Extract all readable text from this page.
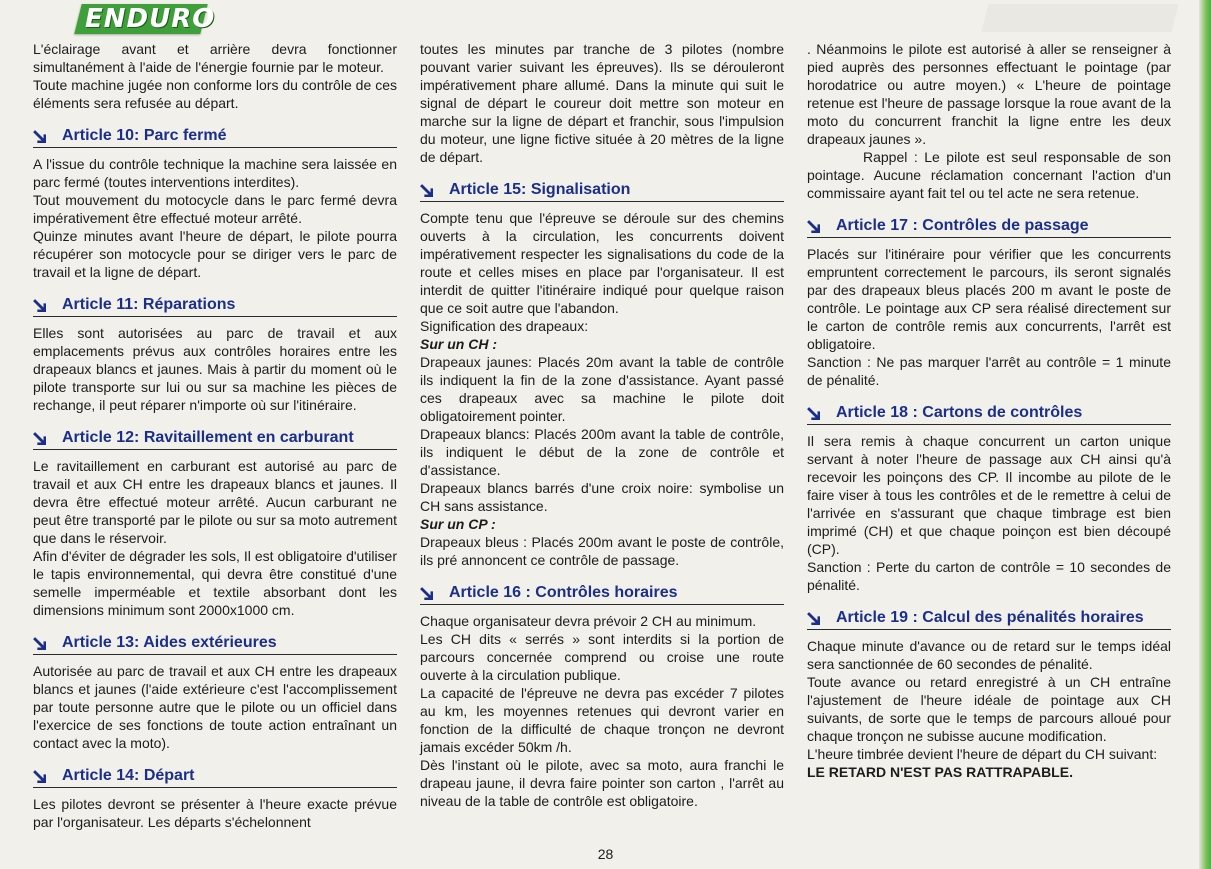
ENDURO

L'éclairage avant et arrière devra fonctionner simultanément à l'aide de l'énergie fournie par le moteur.

Toute machine jugée non conforme lors du contrôle de ces éléments sera refusée au départ.

Article 10: Parc fermé

A l'issue du contrôle technique la machine sera laissée en parc fermé (toutes interventions interdites).

Tout mouvement du motocycle dans le parc fermé devra impérativement être effectué moteur arrêté.

Quinze minutes avant l'heure de départ, le pilote pourra récupérer son motocycle pour se diriger vers le parc de travail et la ligne de départ.

Article 11: Réparations

Elles sont autorisées au parc de travail et aux emplacements prévus aux contrôles horaires entre les drapeaux blancs et jaunes. Mais à partir du moment où le pilote transporte sur lui ou sur sa machine les pièces de rechange, il peut réparer n'importe où sur l'itinéraire.

Article 12: Ravitaillement en carburant

Le ravitaillement en carburant est autorisé au parc de travail et aux CH entre les drapeaux blancs et jaunes. Il devra être effectué moteur arrêté. Aucun carburant ne peut être transporté par le pilote ou sur sa moto autrement que dans le réservoir.

Afin d'éviter de dégrader les sols, Il est obligatoire d'utiliser le tapis environnemental, qui devra être constitué d'une semelle imperméable et textile absorbant dont les dimensions minimum sont 2000x1000 cm.

Article 13: Aides extérieures

Autorisée au parc de travail et aux CH entre les drapeaux blancs et jaunes (l'aide extérieure c'est l'accomplissement par toute personne autre que le pilote ou un officiel dans l'exercice de ses fonctions de toute action entraînant un contact avec la moto).

Article 14: Départ

Les pilotes devront se présenter à l'heure exacte prévue par l'organisateur. Les départs s'échelonnent

toutes les minutes par tranche de 3 pilotes (nombre pouvant varier suivant les épreuves). Ils se dérouleront impérativement phare allumé. Dans la minute qui suit le signal de départ le coureur doit mettre son moteur en marche sur la ligne de départ et franchir, sous l'impulsion du moteur, une ligne fictive située à 20 mètres de la ligne de départ.

Article 15: Signalisation

Compte tenu que l'épreuve se déroule sur des chemins ouverts à la circulation, les concurrents doivent impérativement respecter les signalisations du code de la route et celles mises en place par l'organisateur. Il est interdit de quitter l'itinéraire indiqué pour quelque raison que ce soit autre que l'abandon.

Signification des drapeaux:

Sur un CH :

Drapeaux jaunes: Placés 20m avant la table de contrôle ils indiquent la fin de la zone d'assistance. Ayant passé ces drapeaux avec sa machine le pilote doit obligatoirement pointer.

Drapeaux blancs: Placés 200m avant la table de contrôle, ils indiquent le début de la zone de contrôle et d'assistance.

Drapeaux blancs barrés d'une croix noire: symbolise un CH sans assistance.

Sur un CP :

Drapeaux bleus : Placés 200m avant le poste de contrôle, ils pré annoncent ce contrôle de passage.

Article 16 : Contrôles horaires

Chaque organisateur devra prévoir 2 CH au minimum.

Les CH dits « serrés » sont interdits si la portion de parcours concernée comprend ou croise une route ouverte à la circulation publique.

La capacité de l'épreuve ne devra pas excéder 7 pilotes au km, les moyennes retenues qui devront varier en fonction de la difficulté de chaque tronçon ne devront jamais excéder 50km /h.

Dès l'instant où le pilote, avec sa moto, aura franchi le drapeau jaune, il devra faire pointer son carton , l'arrêt au niveau de la table de contrôle est obligatoire.

. Néanmoins le pilote est autorisé à aller se renseigner à pied auprès des personnes effectuant le pointage (par horodatrice ou autre moyen.) « L'heure de pointage retenue est l'heure de passage lorsque la roue avant de la moto du concurrent franchit la ligne entre les deux drapeaux jaunes ».

Rappel : Le pilote est seul responsable de son pointage. Aucune réclamation concernant l'action d'un commissaire ayant fait tel ou tel acte ne sera retenue.

Article 17 : Contrôles de passage

Placés sur l'itinéraire pour vérifier que les concurrents empruntent correctement le parcours, ils seront signalés par des drapeaux bleus placés 200 m avant le poste de contrôle. Le pointage aux CP sera réalisé directement sur le carton de contrôle remis aux concurrents, l'arrêt est obligatoire.

Sanction : Ne pas marquer l'arrêt au contrôle = 1 minute de pénalité.

Article 18 : Cartons de contrôles

Il sera remis à chaque concurrent un carton unique servant à noter l'heure de passage aux CH ainsi qu'à recevoir les poinçons des CP. Il incombe au pilote de le faire viser à tous les contrôles et de le remettre à celui de l'arrivée en s'assurant que chaque timbrage est bien imprimé (CH) et que chaque poinçon est bien découpé (CP).

Sanction : Perte du carton de contrôle = 10 secondes de pénalité.

Article 19 : Calcul des pénalités horaires

Chaque minute d'avance ou de retard sur le temps idéal sera sanctionnée de 60 secondes de pénalité.

Toute avance ou retard enregistré à un CH entraîne l'ajustement de l'heure idéale de pointage aux CH suivants, de sorte que le temps de parcours alloué pour chaque tronçon ne subisse aucune modification.

L'heure timbrée devient l'heure de départ du CH suivant:

LE RETARD N'EST PAS RATTRAPABLE.

28
